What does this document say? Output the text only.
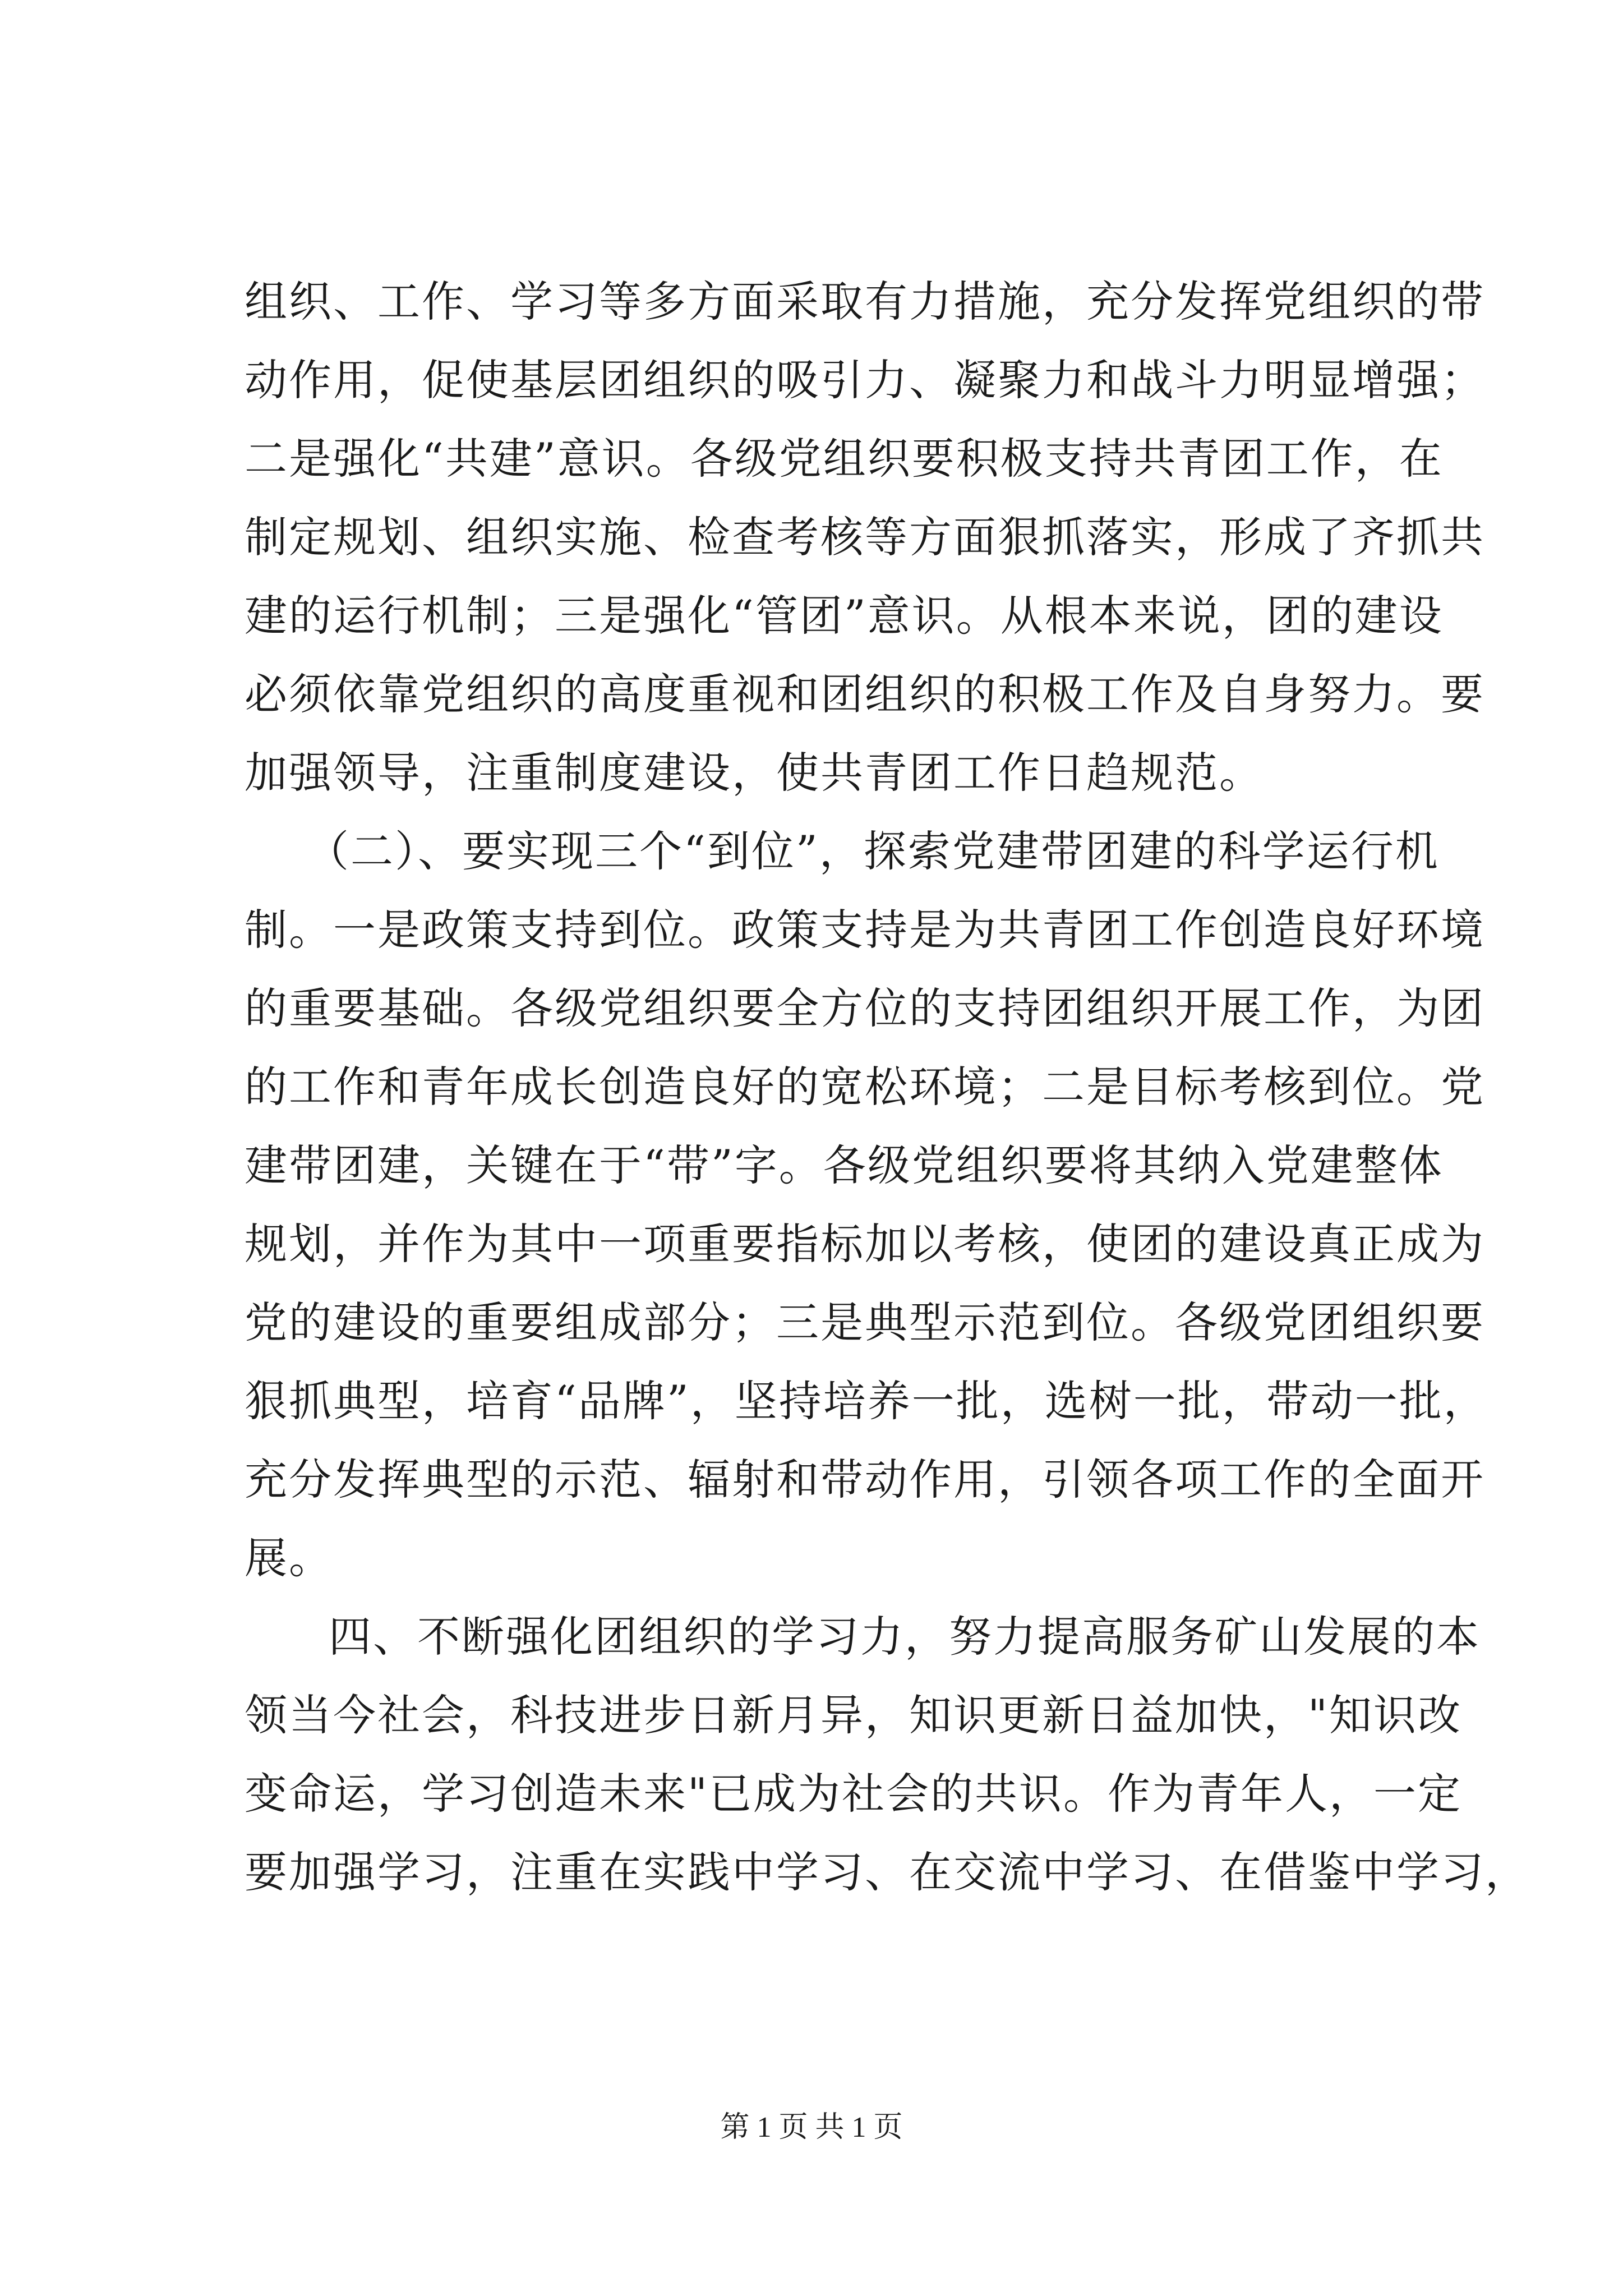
组织、工作、学习等多方面采取有力措施，充分发挥党组织的带
动作用，促使基层团组织的吸引力、凝聚力和战斗力明显增强；
二是强化“共建”意识。各级党组织要积极支持共青团工作，在
制定规划、组织实施、检查考核等方面狠抓落实，形成了齐抓共
建的运行机制；三是强化“管团”意识。从根本来说，团的建设
必须依靠党组织的高度重视和团组织的积极工作及自身努力。要
加强领导，注重制度建设，使共青团工作日趋规范。
（二）、要实现三个“到位”，探索党建带团建的科学运行机
制。一是政策支持到位。政策支持是为共青团工作创造良好环境
的重要基础。各级党组织要全方位的支持团组织开展工作，为团
的工作和青年成长创造良好的宽松环境；二是目标考核到位。党
建带团建，关键在于“带”字。各级党组织要将其纳入党建整体
规划，并作为其中一项重要指标加以考核，使团的建设真正成为
党的建设的重要组成部分；三是典型示范到位。各级党团组织要
狠抓典型，培育“品牌”，坚持培养一批，选树一批，带动一批，
充分发挥典型的示范、辐射和带动作用，引领各项工作的全面开
展。
四、不断强化团组织的学习力，努力提高服务矿山发展的本
领当今社会，科技进步日新月异，知识更新日益加快，"知识改
变命运，学习创造未来"已成为社会的共识。作为青年人，一定
要加强学习，注重在实践中学习、在交流中学习、在借鉴中学习，
第 1 页 共 1 页
